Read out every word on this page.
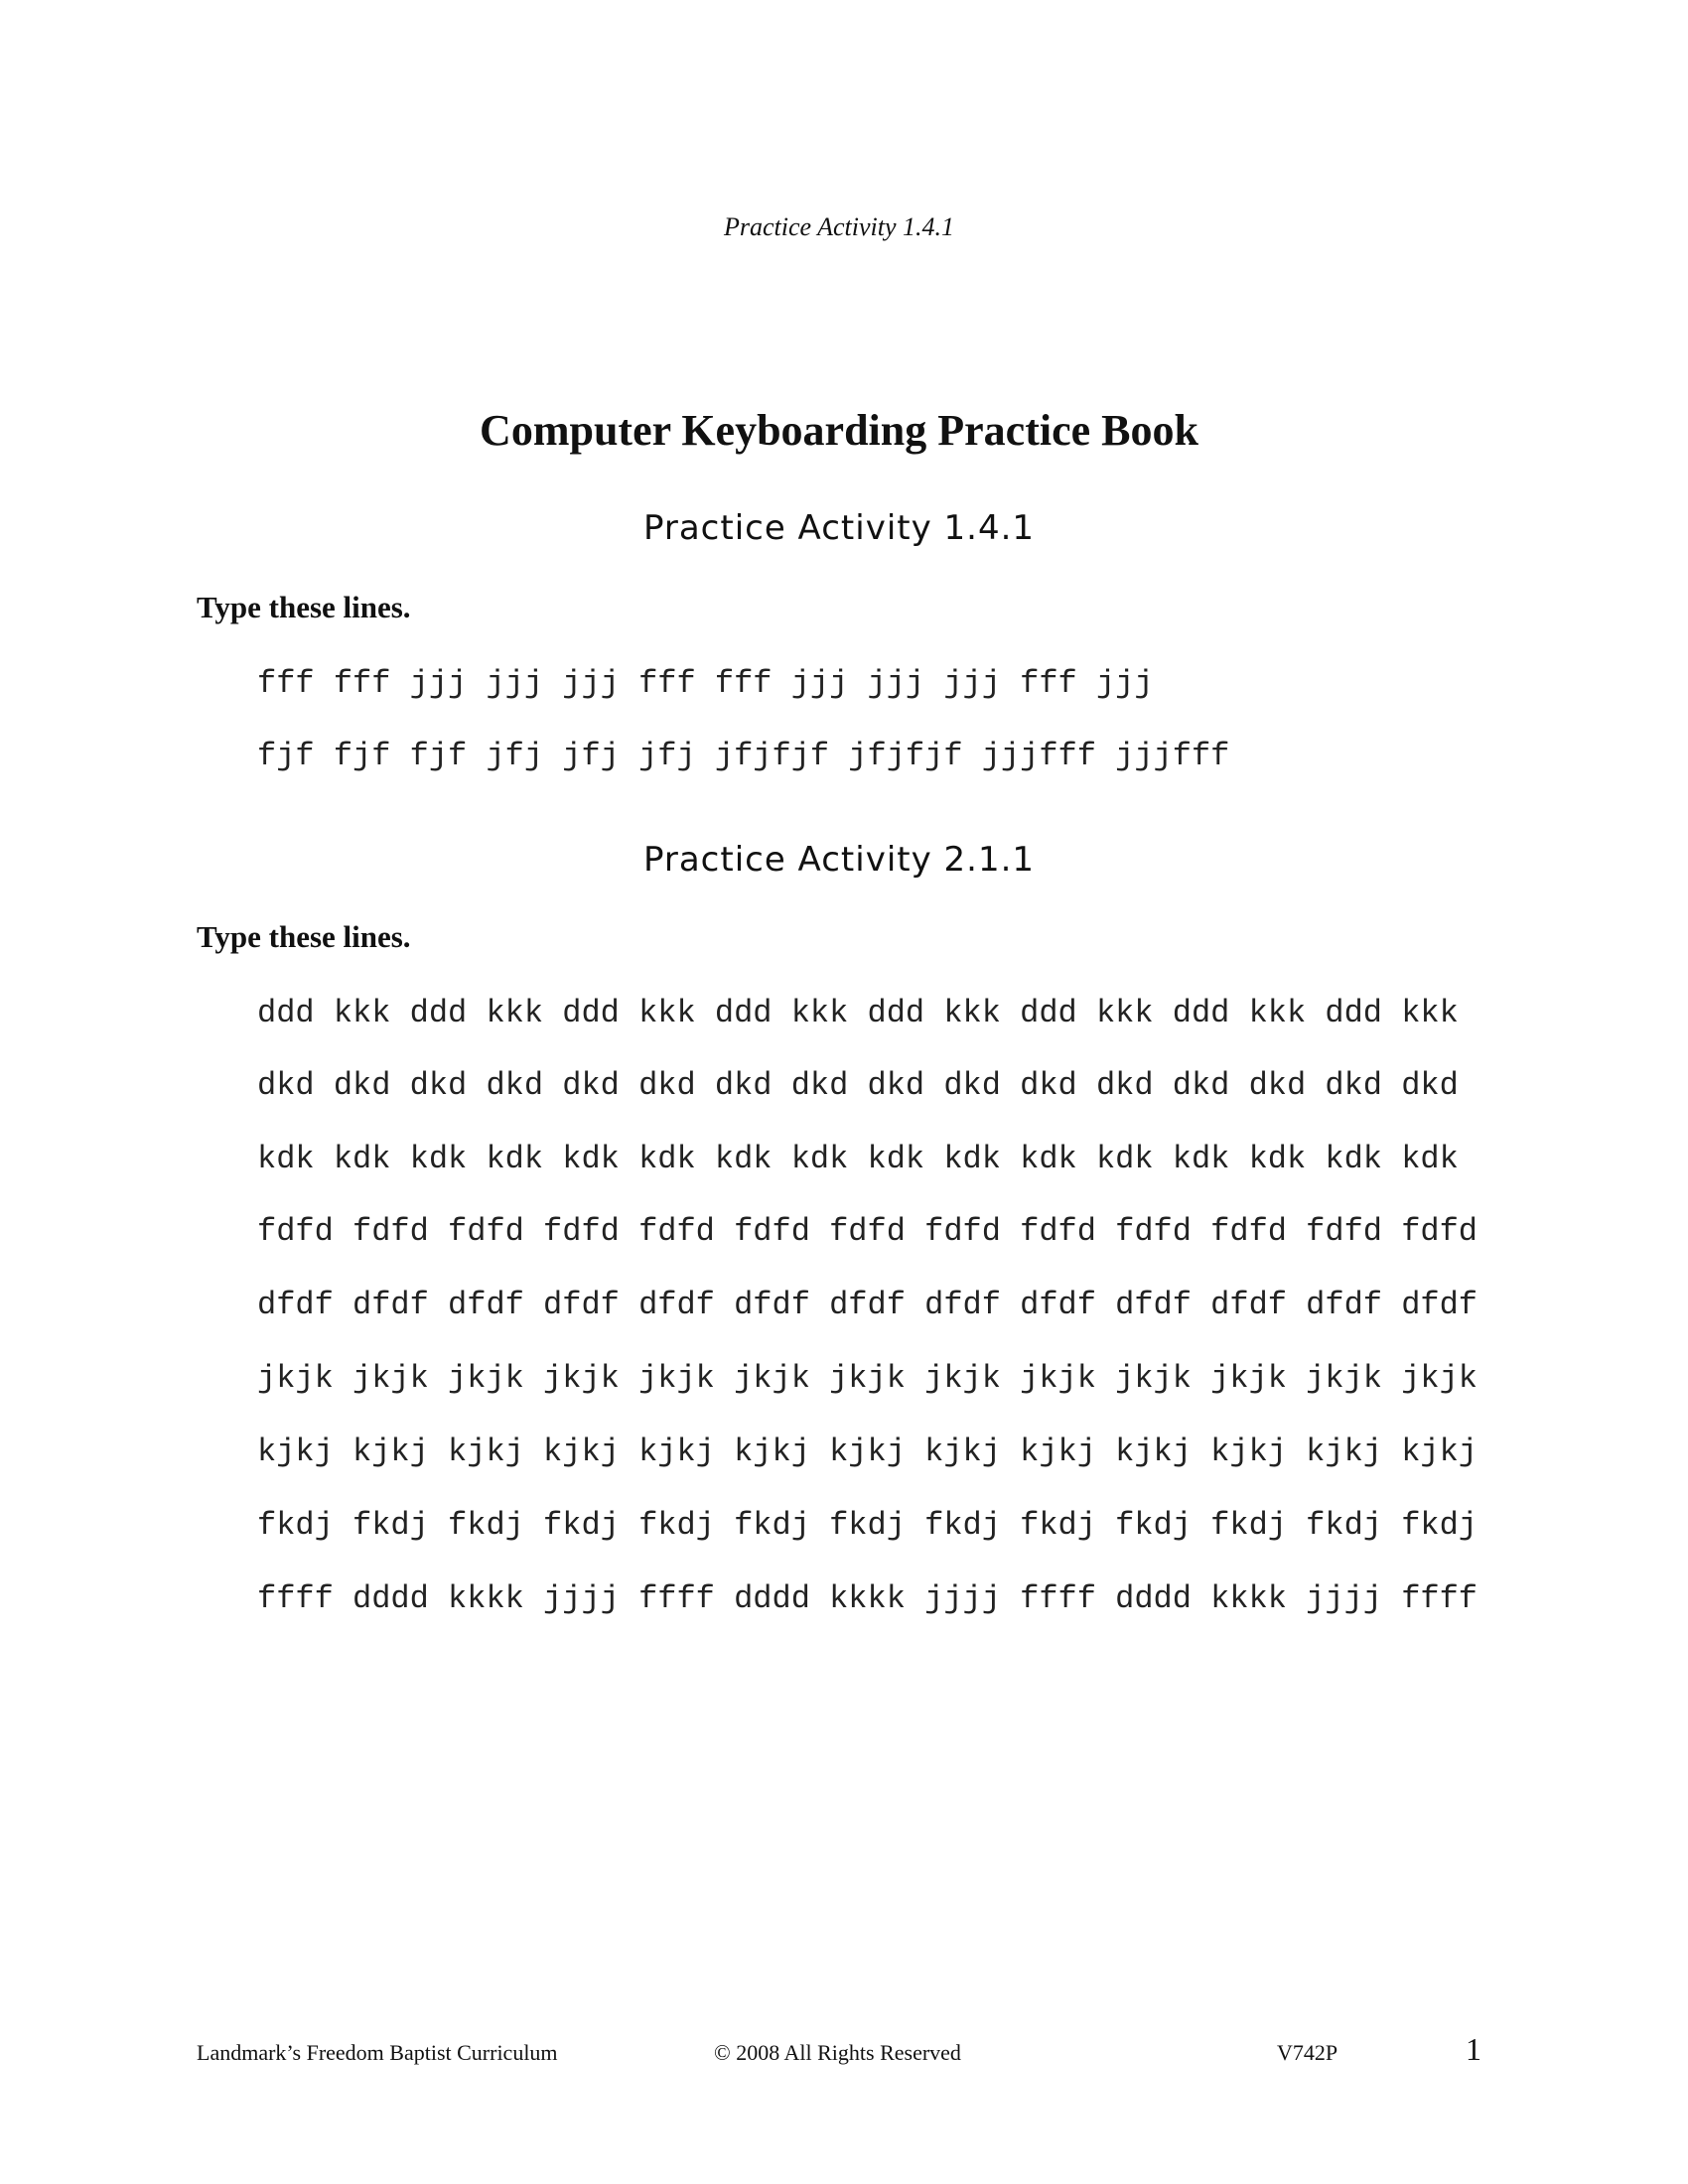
Practice Activity 1.4.1
Computer Keyboarding Practice Book
Practice Activity 1.4.1
Type these lines.
fff fff jjj jjj jjj fff fff jjj jjj jjj fff jjj
fjf fjf fjf jfj jfj jfj jfjfjf jfjfjf jjjfff jjjfff
Practice Activity 2.1.1
Type these lines.
ddd kkk ddd kkk ddd kkk ddd kkk ddd kkk ddd kkk ddd kkk ddd kkk
dkd dkd dkd dkd dkd dkd dkd dkd dkd dkd dkd dkd dkd dkd dkd dkd
kdk kdk kdk kdk kdk kdk kdk kdk kdk kdk kdk kdk kdk kdk kdk kdk
fdfd fdfd fdfd fdfd fdfd fdfd fdfd fdfd fdfd fdfd fdfd fdfd fdfd
dfdf dfdf dfdf dfdf dfdf dfdf dfdf dfdf dfdf dfdf dfdf dfdf dfdf
jkjk jkjk jkjk jkjk jkjk jkjk jkjk jkjk jkjk jkjk jkjk jkjk jkjk
kjkj kjkj kjkj kjkj kjkj kjkj kjkj kjkj kjkj kjkj kjkj kjkj kjkj
fkdj fkdj fkdj fkdj fkdj fkdj fkdj fkdj fkdj fkdj fkdj fkdj fkdj
ffff dddd kkkk jjjj ffff dddd kkkk jjjj ffff dddd kkkk jjjj ffff
Landmark’s Freedom Baptist Curriculum	© 2008 All Rights Reserved	V742P	1
